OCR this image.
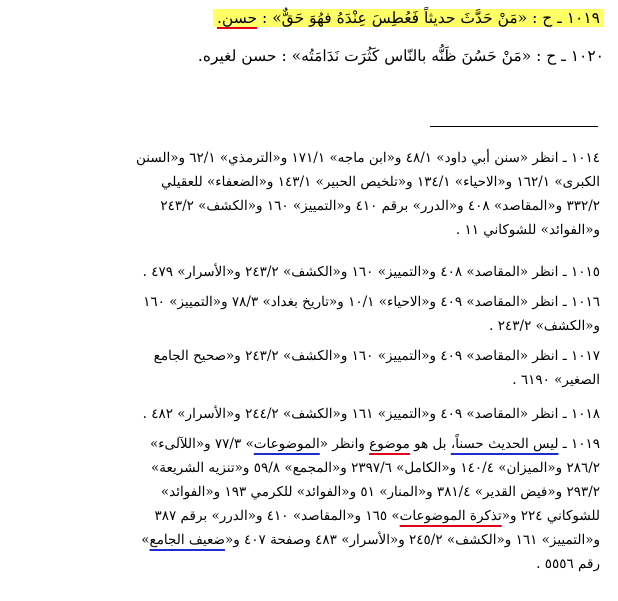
١٠١٩ ـ ح : «مَنْ حَدَّثَ حديثاً فَعُطِسَ عِنْدَهُ فهُوَ حَقٌّ» : حسن.
١٠٢٠ ـ ح : «مَنْ حَسُنَ ظَنُّه بالنّاس كَثُرَت نَدَامَتُه» : حسن لغيره.
١٠١٤ ـ انظر «سنن أبي داود» ٤٨/١ و«ابن ماجه» ١٧١/١ و«الترمذي» ٦٢/١ و«السنن
الكبرى» ١٦٢/١ و«الاحياء» ١٣٤/١ و«تلخيص الحبير» ١٤٣/١ و«الضعفاء» للعقيلي
٣٣٢/٢ و«المقاصد» ٤٠٨ و«الدرر» برقم ٤١٠ و«التمييز» ١٦٠ و«الكشف» ٢٤٣/٢
و«الفوائد» للشوكاني ١١ .
١٠١٥ ـ انظر «المقاصد» ٤٠٨ و«التمييز» ١٦٠ و«الكشف» ٢٤٣/٢ و«الأسرار» ٤٧٩ .
١٠١٦ ـ انظر «المقاصد» ٤٠٩ و«الاحياء» ١٠/١ و«تاريخ بغداد» ٧٨/٣ و«التمييز» ١٦٠
و«الكشف» ٢٤٣/٢ .
١٠١٧ ـ انظر «المقاصد» ٤٠٩ و«التمييز» ١٦٠ و«الكشف» ٢٤٣/٢ و«صحيح الجامع
الصغير» ٦١٩٠ .
١٠١٨ ـ انظر «المقاصد» ٤٠٩ و«التمييز» ١٦١ و«الكشف» ٢٤٤/٢ و«الأسرار» ٤٨٢ .
١٠١٩ ـ ليس الحديث حسناً، بل هو موضوع وانظر «الموضوعات» ٧٧/٣ و«اللآلىء»
٢٨٦/٢ و«الميزان» ١٤٠/٤ و«الكامل» ٢٣٩٧/٦ و«المجمع» ٥٩/٨ و«تنزيه الشريعة»
٢٩٣/٢ و«فيض القدير» ٣٨١/٤ و«المنار» ٥١ و«الفوائد» للكرمي ١٩٣ و«الفوائد»
للشوكاني ٢٢٤ و«تذكرة الموضوعات» ١٦٥ و«المقاصد» ٤١٠ و«الدرر» برقم ٣٨٧
و«التمييز» ١٦١ و«الكشف» ٢٤٥/٢ و«الأسرار» ٤٨٣ وصفحة ٤٠٧ و«ضعيف الجامع»
رقم ٥٥٥٦ .
